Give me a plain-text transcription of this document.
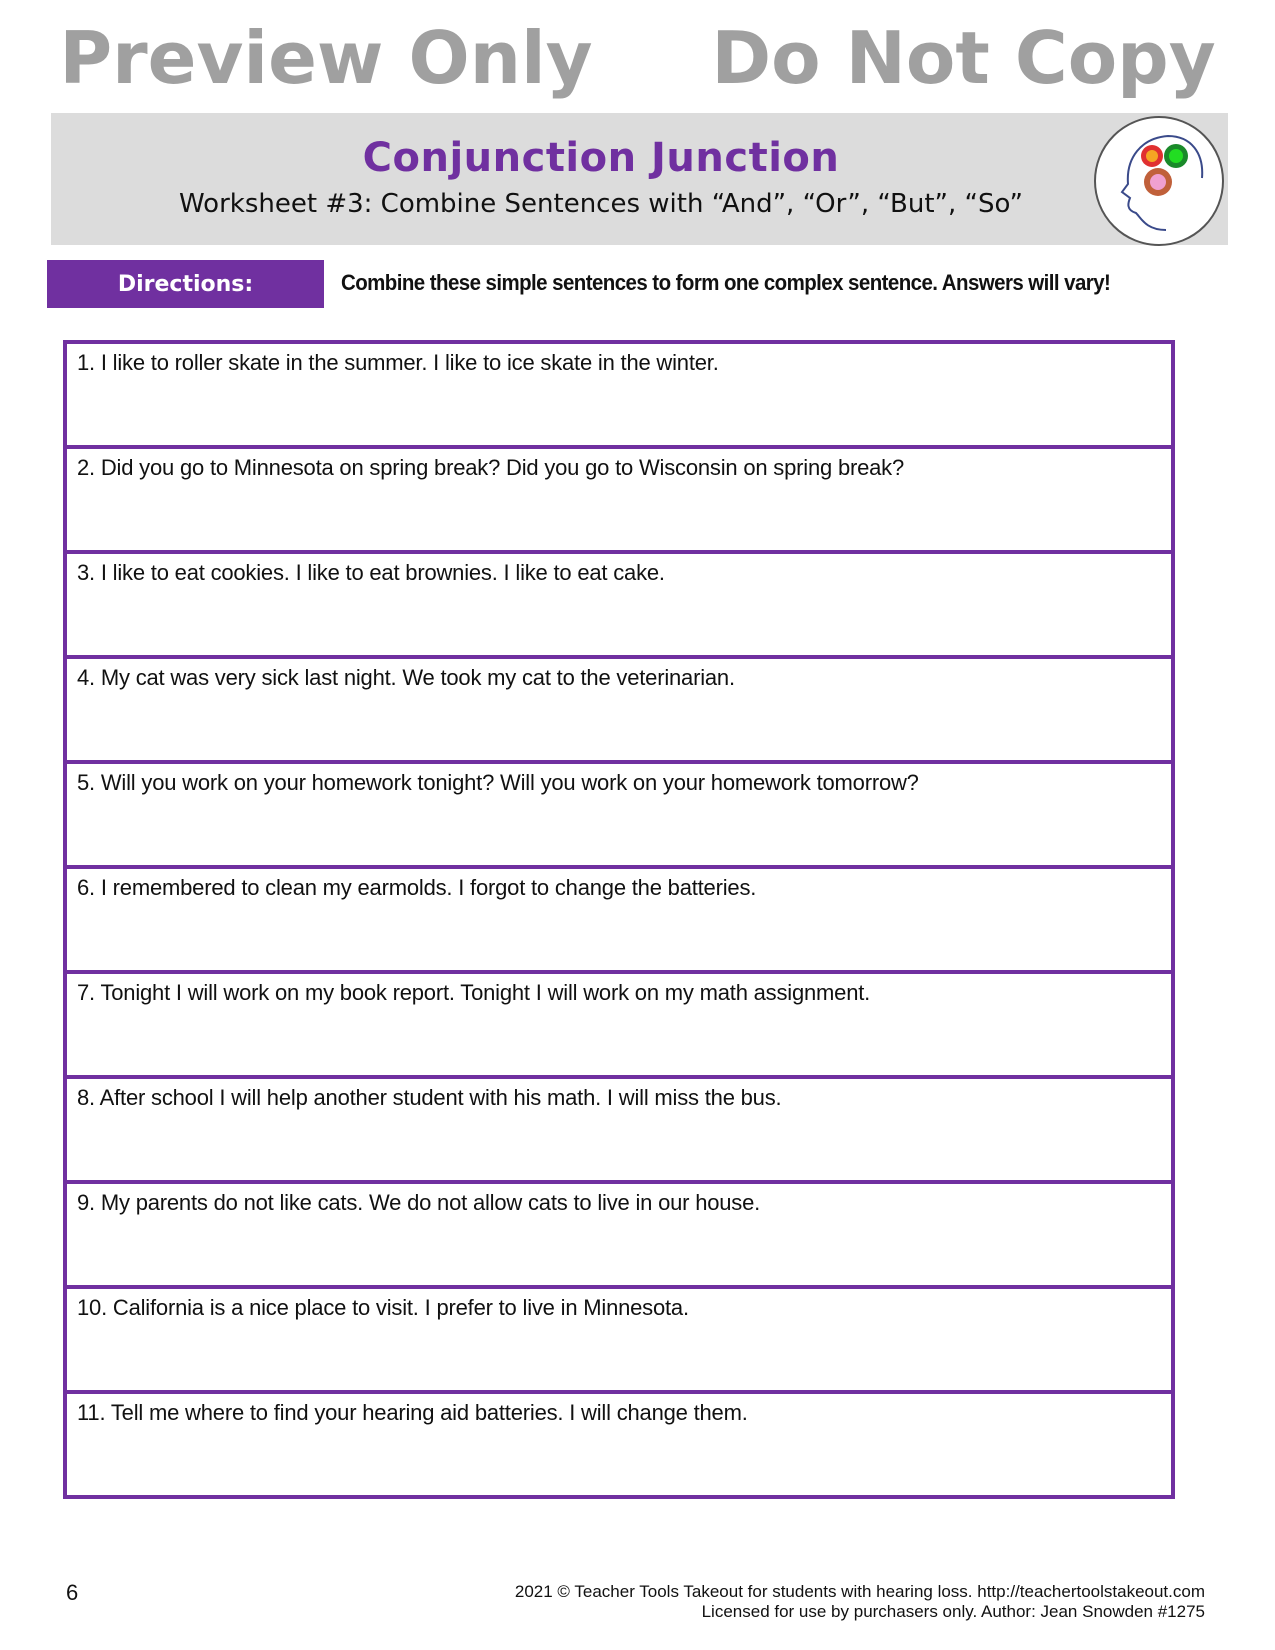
Preview Only Do Not Copy
Conjunction Junction
Worksheet #3: Combine Sentences with “And”, “Or”, “But”, “So”
Directions:	Combine these simple sentences to form one complex sentence. Answers will vary!
1. I like to roller skate in the summer. I like to ice skate in the winter.
2. Did you go to Minnesota on spring break? Did you go to Wisconsin on spring break?
3. I like to eat cookies. I like to eat brownies. I like to eat cake.
4. My cat was very sick last night. We took my cat to the veterinarian.
5. Will you work on your homework tonight? Will you work on your homework tomorrow?
6. I remembered to clean my earmolds. I forgot to change the batteries.
7. Tonight I will work on my book report. Tonight I will work on my math assignment.
8. After school I will help another student with his math. I will miss the bus.
9. My parents do not like cats. We do not allow cats to live in our house.
10. California is a nice place to visit. I prefer to live in Minnesota.
11. Tell me where to find your hearing aid batteries. I will change them.
6	2021 © Teacher Tools Takeout for students with hearing loss. http://teachertoolstakeout.com
Licensed for use by purchasers only. Author: Jean Snowden #1275
